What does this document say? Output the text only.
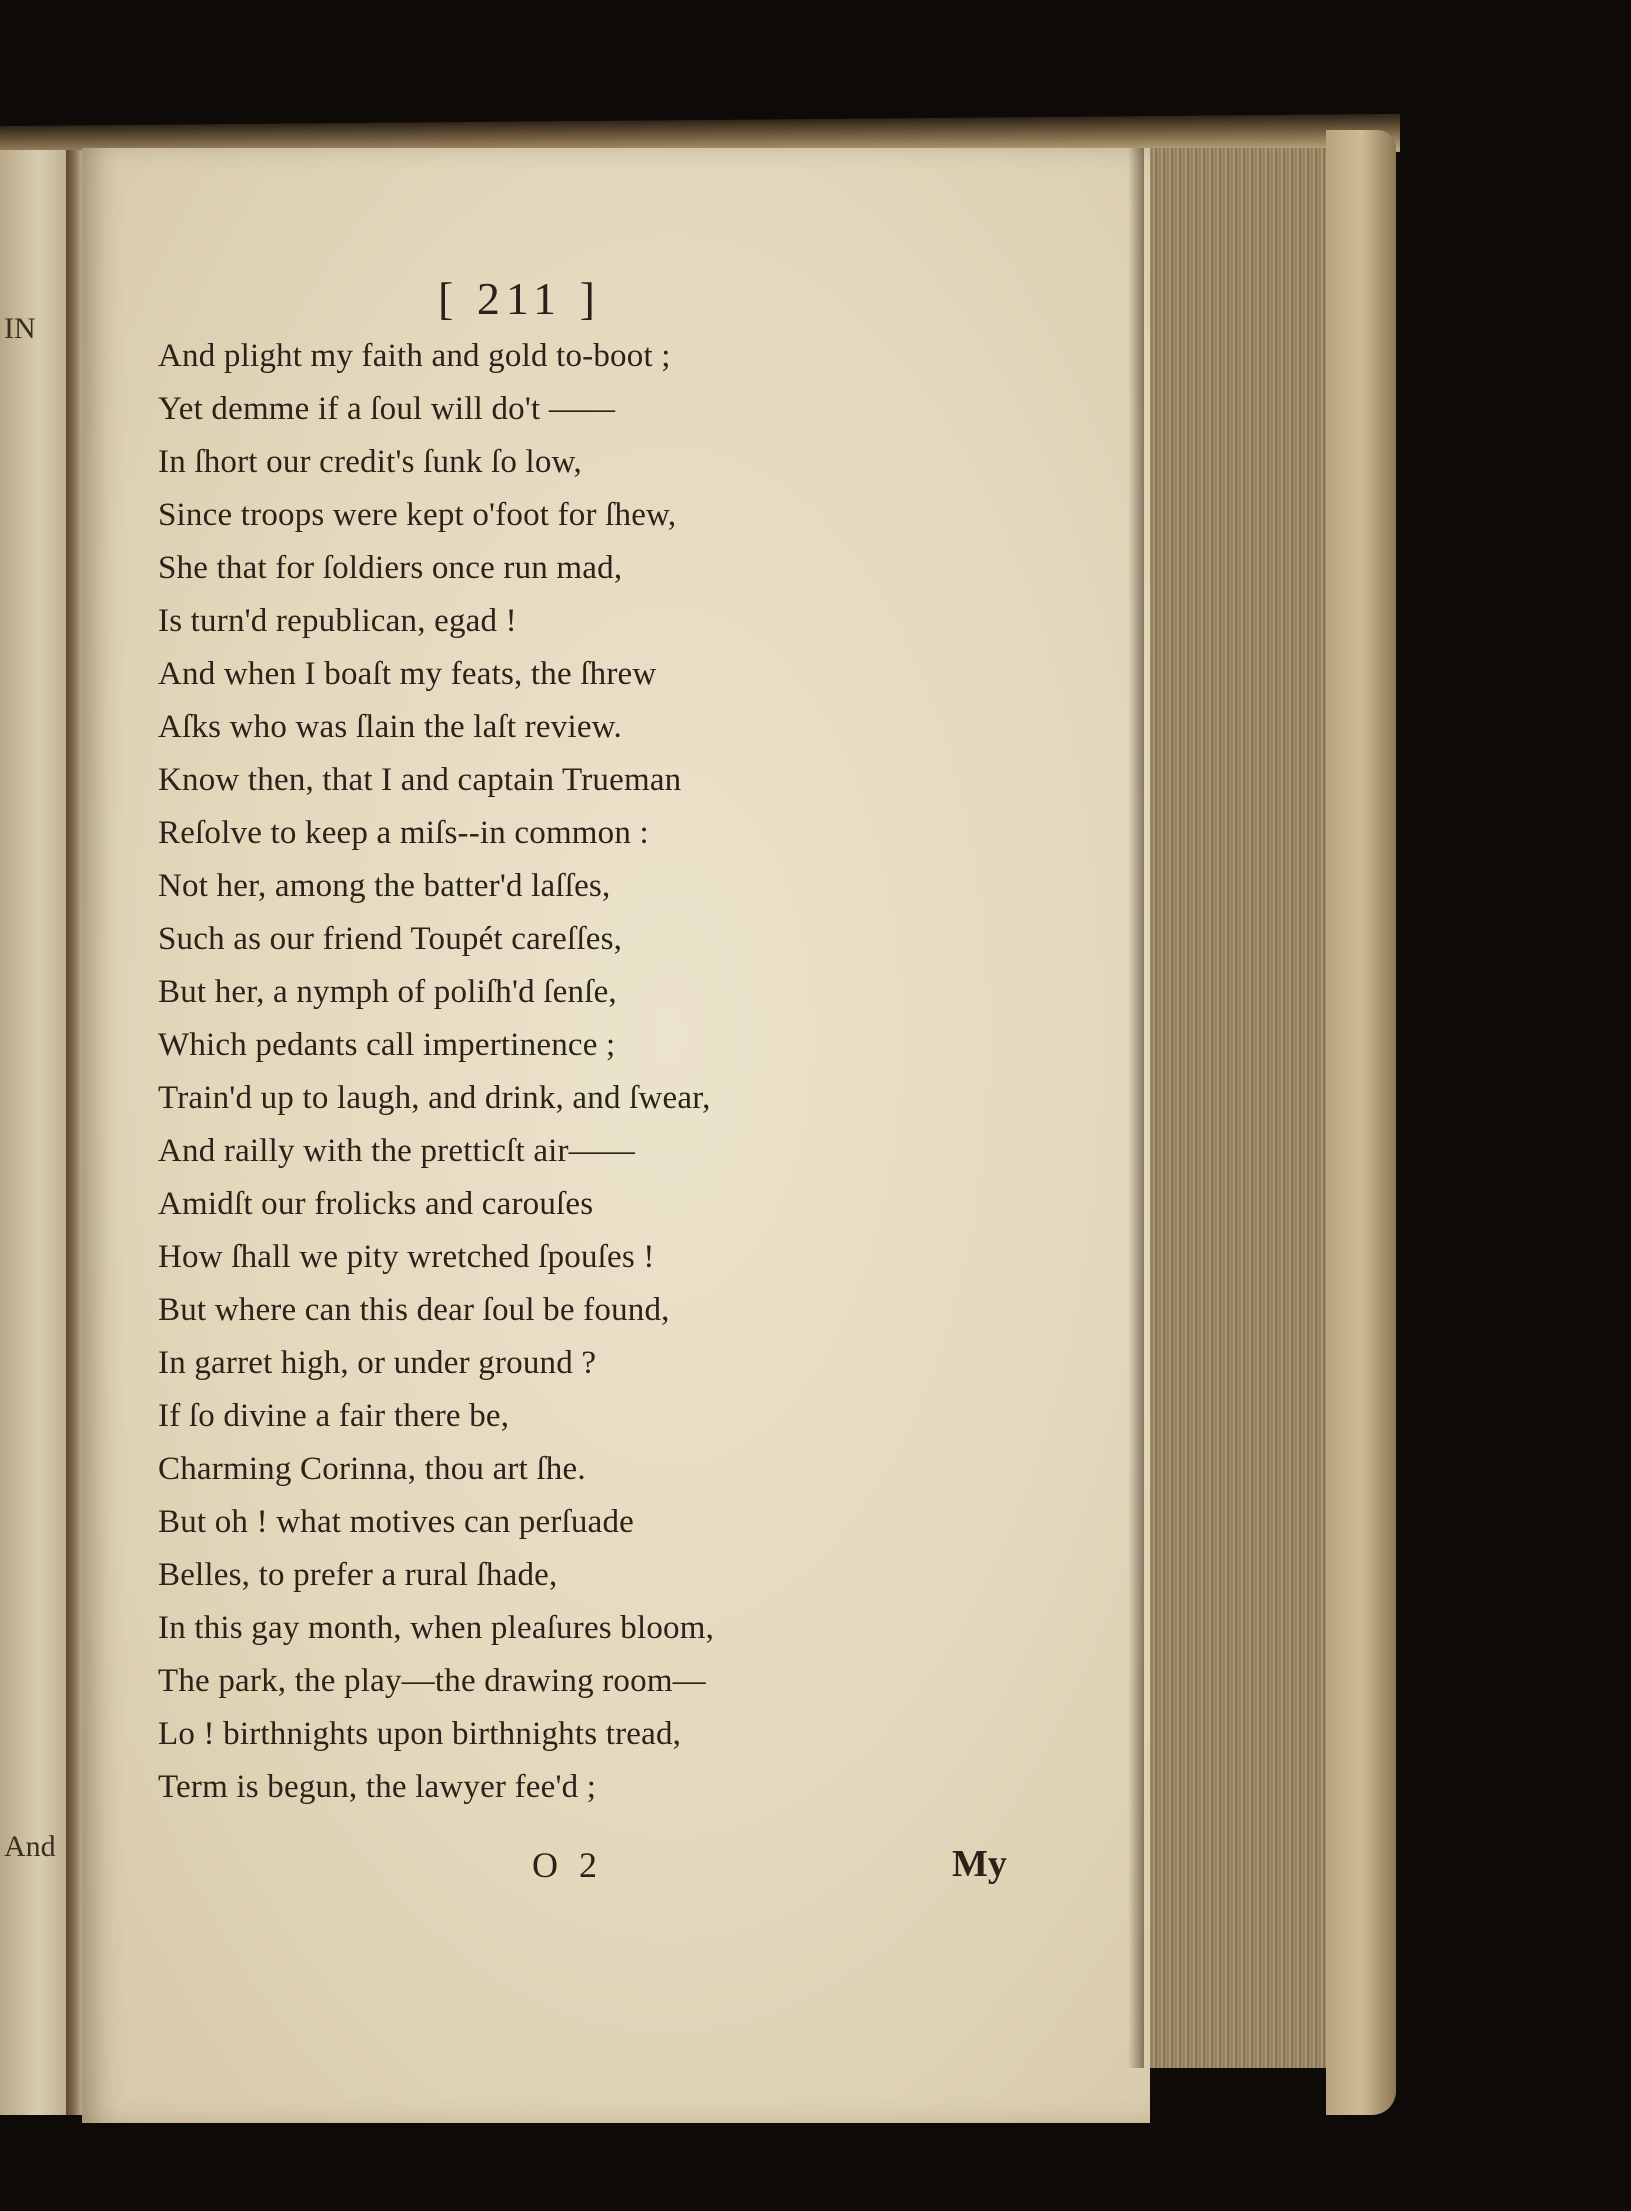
IN
And
[ 211 ]
And plight my faith and gold to-boot ;
Yet demme if a ſoul will do't ——
In ſhort our credit's ſunk ſo low,
Since troops were kept o'foot for ſhew,
She that for ſoldiers once run mad,
Is turn'd republican, egad !
And when I boaſt my feats, the ſhrew
Aſks who was ſlain the laſt review.
Know then, that I and captain Trueman
Reſolve to keep a miſs--in common :
Not her, among the batter'd laſſes,
Such as our friend Toupét careſſes,
But her, a nymph of poliſh'd ſenſe,
Which pedants call impertinence ;
Train'd up to laugh, and drink, and ſwear,
And railly with the pretticſt air——
Amidſt our frolicks and carouſes
How ſhall we pity wretched ſpouſes !
But where can this dear ſoul be found,
In garret high, or under ground ?
If ſo divine a fair there be,
Charming Corinna, thou art ſhe.
But oh ! what motives can perſuade
Belles, to prefer a rural ſhade,
In this gay month, when pleaſures bloom,
The park, the play—the drawing room—
Lo ! birthnights upon birthnights tread,
Term is begun, the lawyer fee'd ;
O 2	My
